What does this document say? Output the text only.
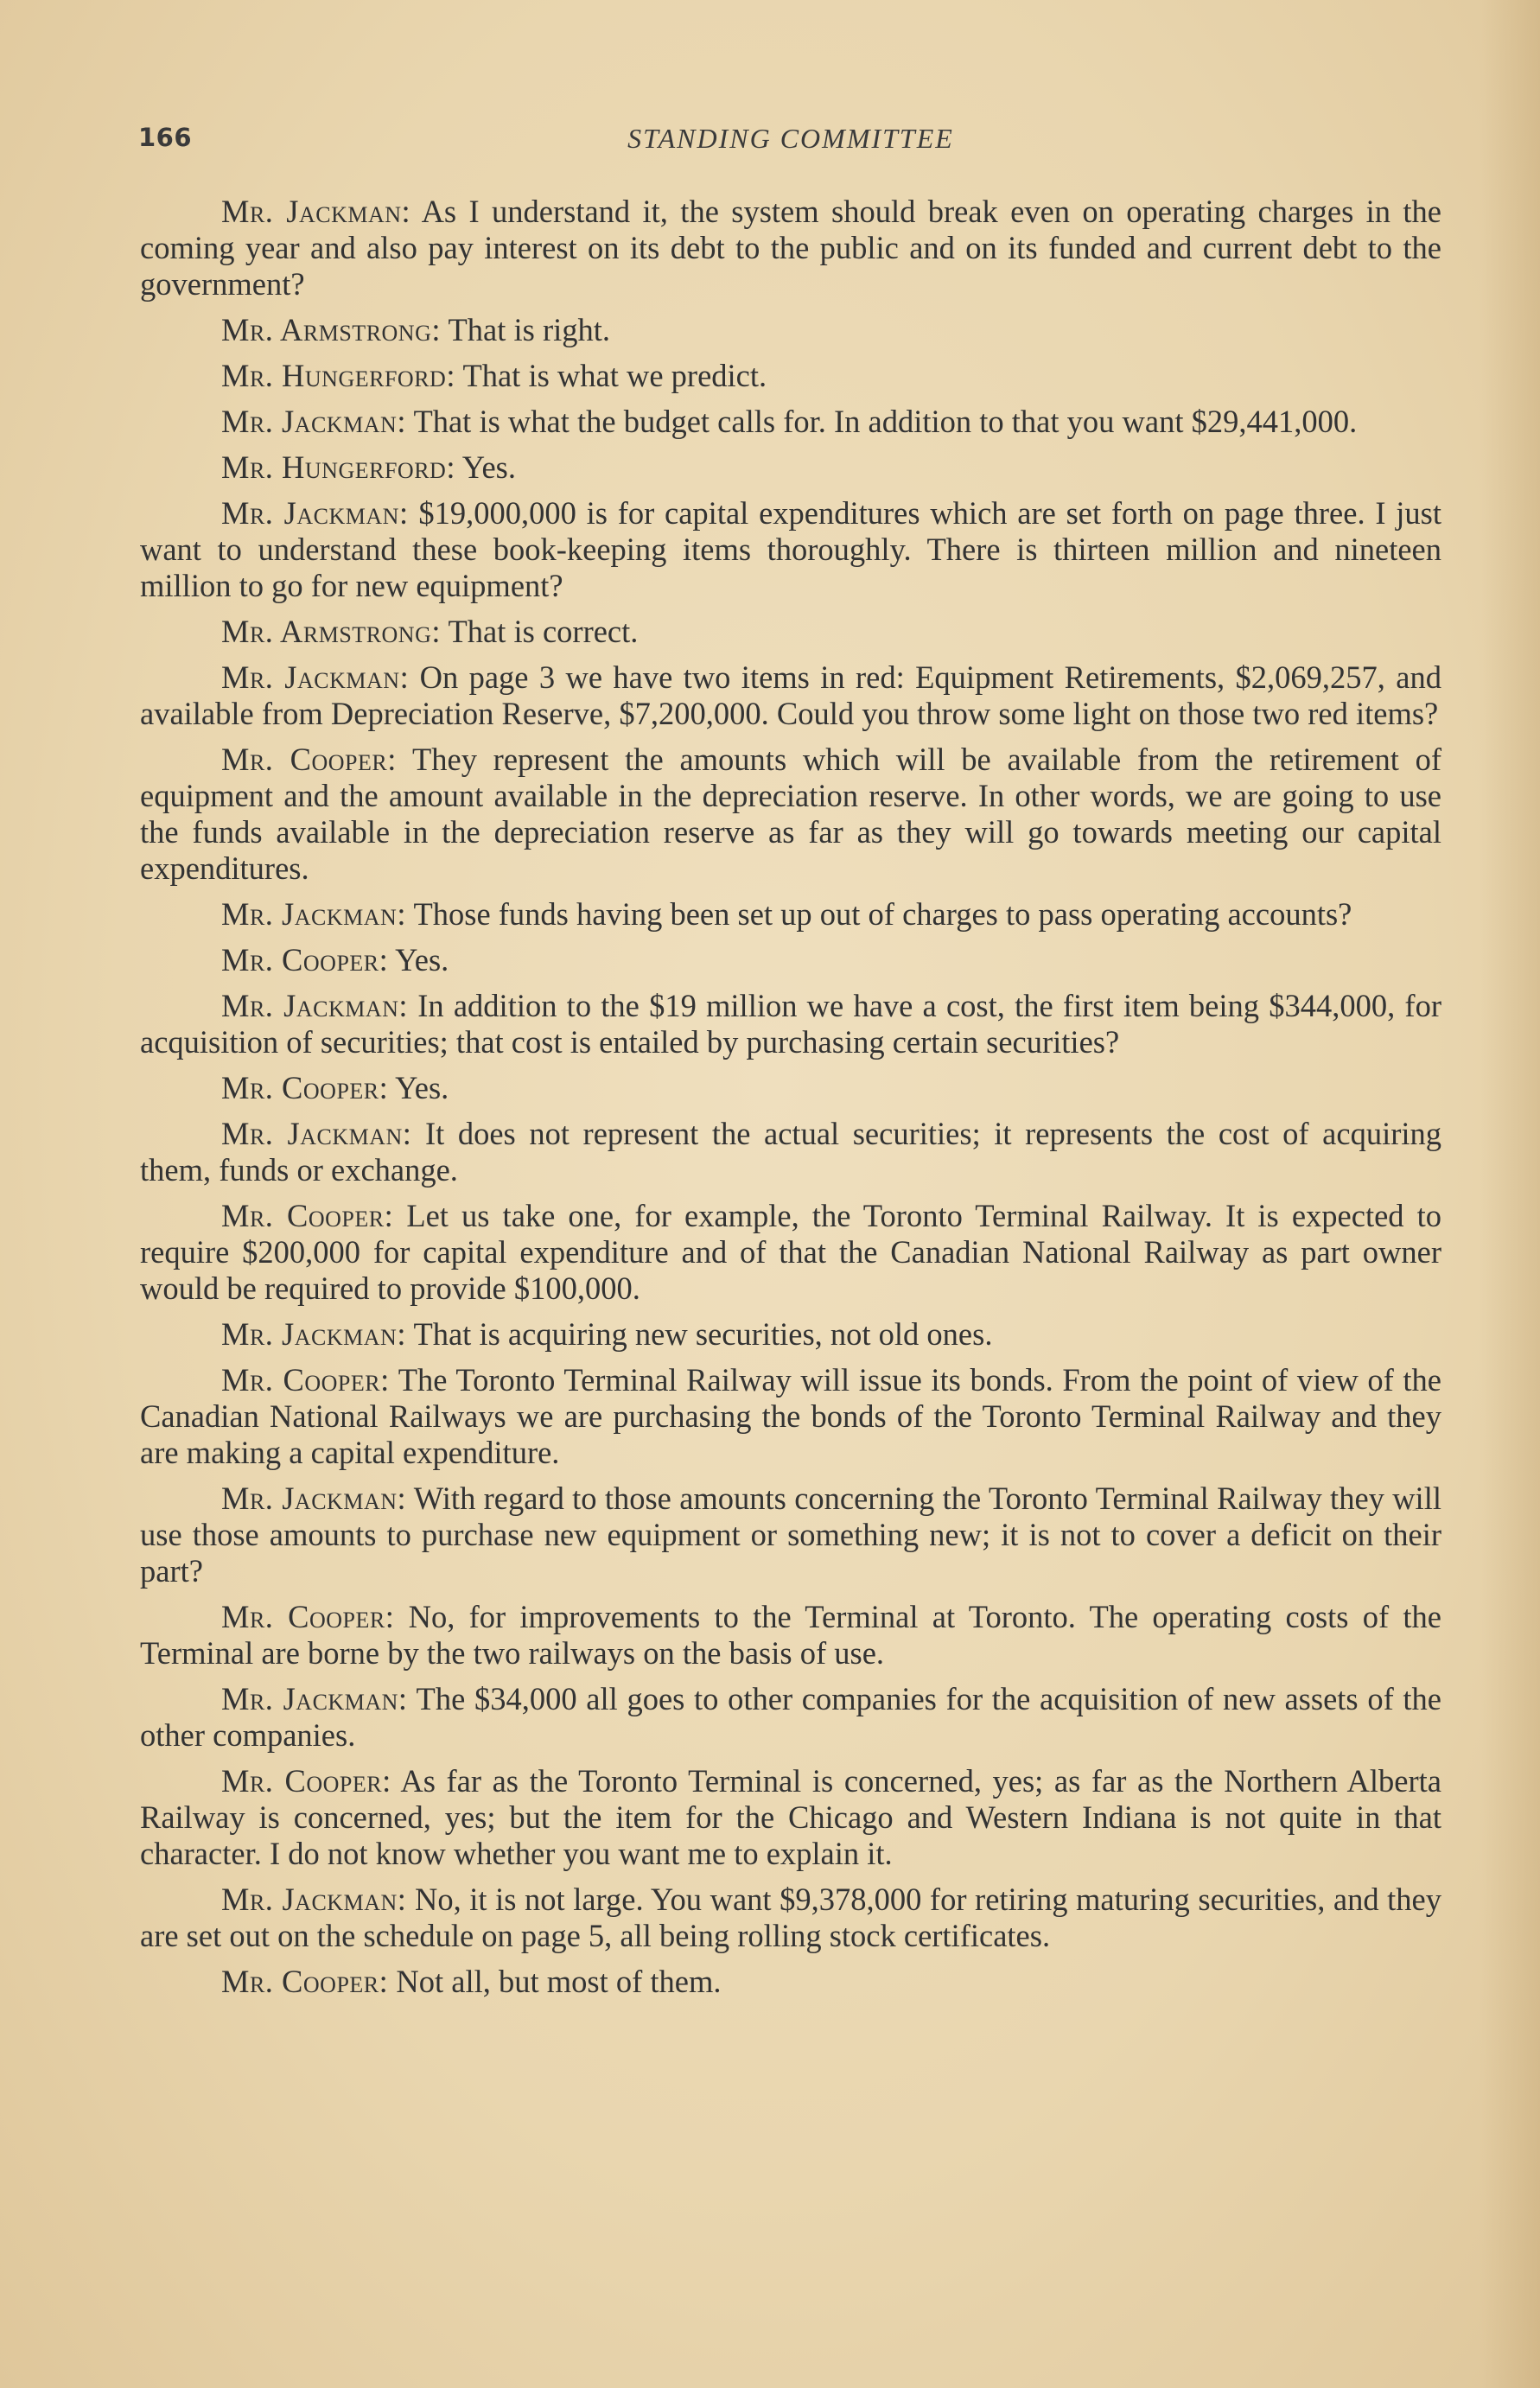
166	STANDING COMMITTEE

Mr. Jackman: As I understand it, the system should break even on operating charges in the coming year and also pay interest on its debt to the public and on its funded and current debt to the government?

Mr. Armstrong: That is right.

Mr. Hungerford: That is what we predict.

Mr. Jackman: That is what the budget calls for. In addition to that you want $29,441,000.

Mr. Hungerford: Yes.

Mr. Jackman: $19,000,000 is for capital expenditures which are set forth on page three. I just want to understand these book-keeping items thoroughly. There is thirteen million and nineteen million to go for new equipment?

Mr. Armstrong: That is correct.

Mr. Jackman: On page 3 we have two items in red: Equipment Retirements, $2,069,257, and available from Depreciation Reserve, $7,200,000. Could you throw some light on those two red items?

Mr. Cooper: They represent the amounts which will be available from the retirement of equipment and the amount available in the depreciation reserve. In other words, we are going to use the funds available in the depreciation reserve as far as they will go towards meeting our capital expenditures.

Mr. Jackman: Those funds having been set up out of charges to pass operating accounts?

Mr. Cooper: Yes.

Mr. Jackman: In addition to the $19 million we have a cost, the first item being $344,000, for acquisition of securities; that cost is entailed by purchasing certain securities?

Mr. Cooper: Yes.

Mr. Jackman: It does not represent the actual securities; it represents the cost of acquiring them, funds or exchange.

Mr. Cooper: Let us take one, for example, the Toronto Terminal Railway. It is expected to require $200,000 for capital expenditure and of that the Canadian National Railway as part owner would be required to provide $100,000.

Mr. Jackman: That is acquiring new securities, not old ones.

Mr. Cooper: The Toronto Terminal Railway will issue its bonds. From the point of view of the Canadian National Railways we are purchasing the bonds of the Toronto Terminal Railway and they are making a capital expenditure.

Mr. Jackman: With regard to those amounts concerning the Toronto Terminal Railway they will use those amounts to purchase new equipment or something new; it is not to cover a deficit on their part?

Mr. Cooper: No, for improvements to the Terminal at Toronto. The operating costs of the Terminal are borne by the two railways on the basis of use.

Mr. Jackman: The $34,000 all goes to other companies for the acquisition of new assets of the other companies.

Mr. Cooper: As far as the Toronto Terminal is concerned, yes; as far as the Northern Alberta Railway is concerned, yes; but the item for the Chicago and Western Indiana is not quite in that character. I do not know whether you want me to explain it.

Mr. Jackman: No, it is not large. You want $9,378,000 for retiring maturing securities, and they are set out on the schedule on page 5, all being rolling stock certificates.

Mr. Cooper: Not all, but most of them.
